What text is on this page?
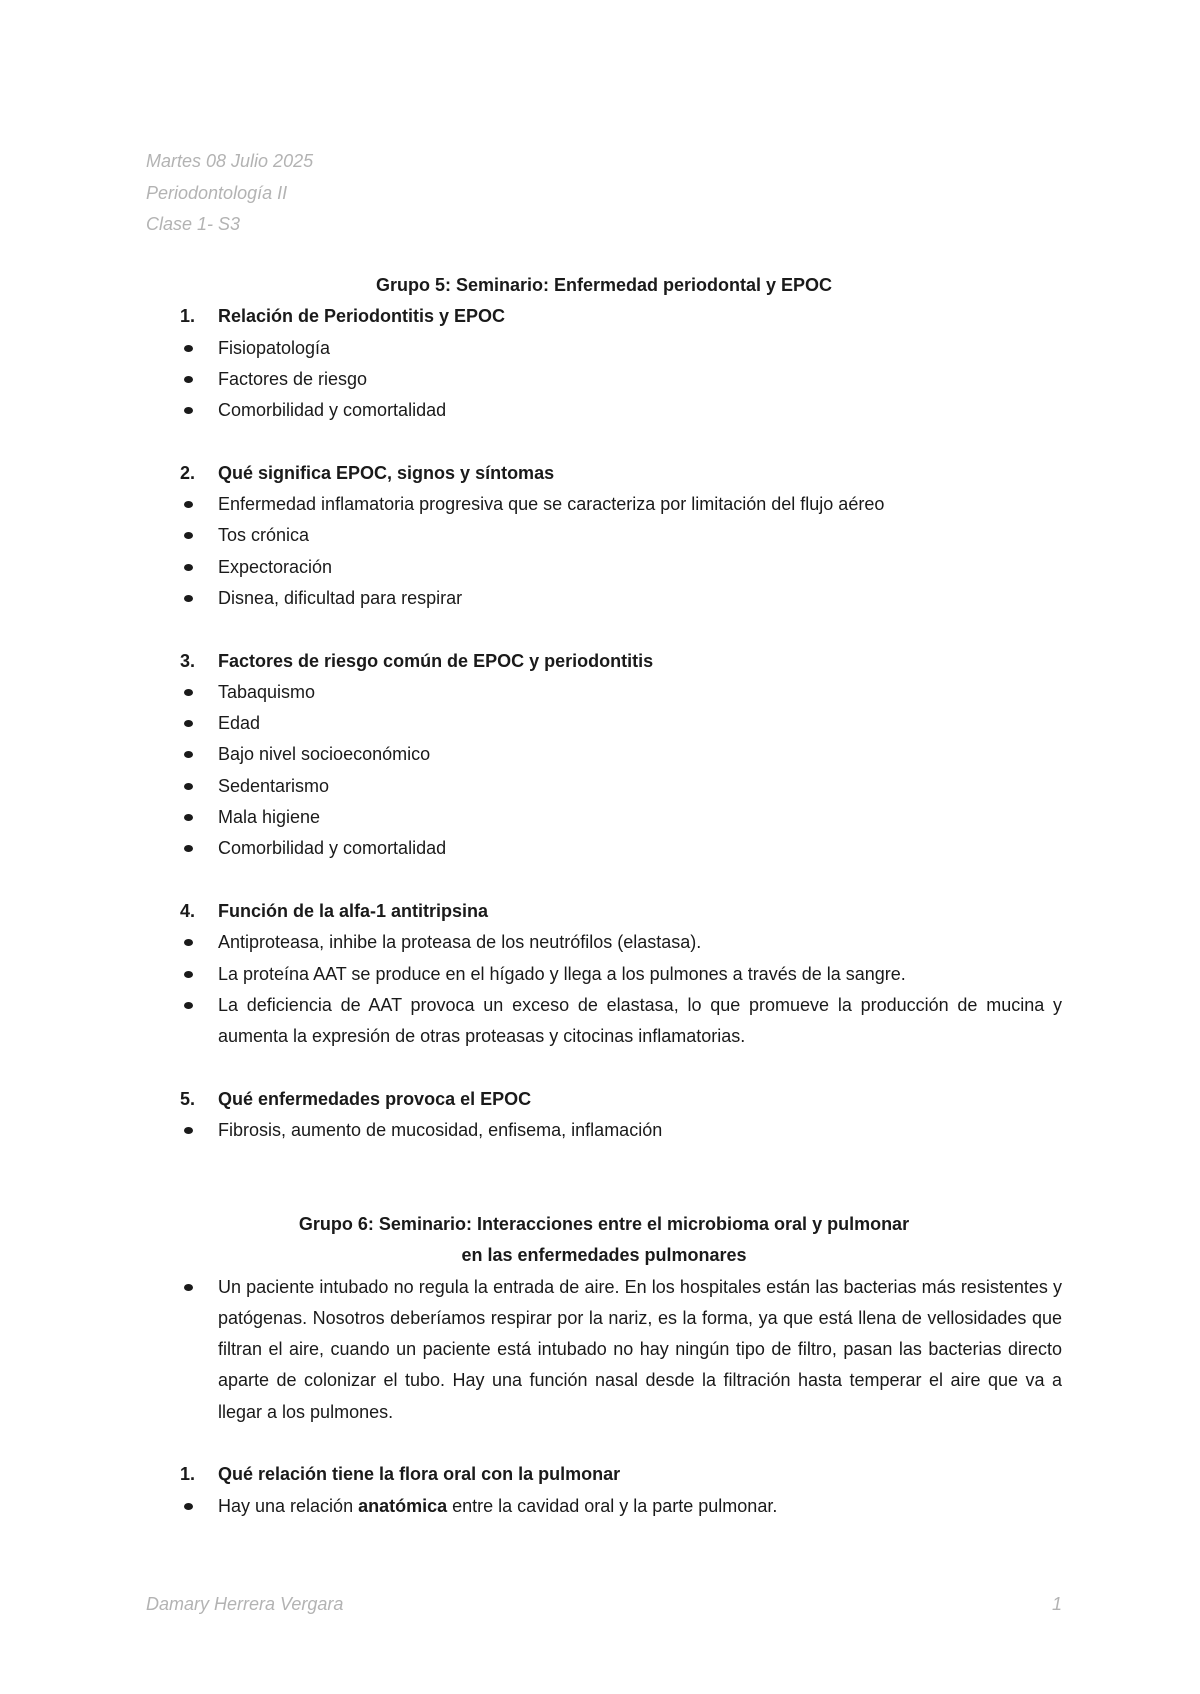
Martes 08 Julio 2025
Periodontología II
Clase 1- S3
Grupo 5: Seminario: Enfermedad periodontal y EPOC
1. Relación de Periodontitis y EPOC
Fisiopatología
Factores de riesgo
Comorbilidad y comortalidad
2. Qué significa EPOC, signos y síntomas
Enfermedad inflamatoria progresiva que se caracteriza por limitación del flujo aéreo
Tos crónica
Expectoración
Disnea, dificultad para respirar
3. Factores de riesgo común de EPOC y periodontitis
Tabaquismo
Edad
Bajo nivel socioeconómico
Sedentarismo
Mala higiene
Comorbilidad y comortalidad
4. Función de la alfa-1 antitripsina
Antiproteasa, inhibe la proteasa de los neutrófilos (elastasa).
La proteína AAT se produce en el hígado y llega a los pulmones a través de la sangre.
La deficiencia de AAT provoca un exceso de elastasa, lo que promueve la producción de mucina y aumenta la expresión de otras proteasas y citocinas inflamatorias.
5. Qué enfermedades provoca el EPOC
Fibrosis, aumento de mucosidad, enfisema, inflamación
Grupo 6: Seminario: Interacciones entre el microbioma oral y pulmonar
en las enfermedades pulmonares
Un paciente intubado no regula la entrada de aire. En los hospitales están las bacterias más resistentes y patógenas. Nosotros deberíamos respirar por la nariz, es la forma, ya que está llena de vellosidades que filtran el aire, cuando un paciente está intubado no hay ningún tipo de filtro, pasan las bacterias directo aparte de colonizar el tubo. Hay una función nasal desde la filtración hasta temperar el aire que va a llegar a los pulmones.
1. Qué relación tiene la flora oral con la pulmonar
Hay una relación anatómica entre la cavidad oral y la parte pulmonar.
Damary Herrera Vergara	1
